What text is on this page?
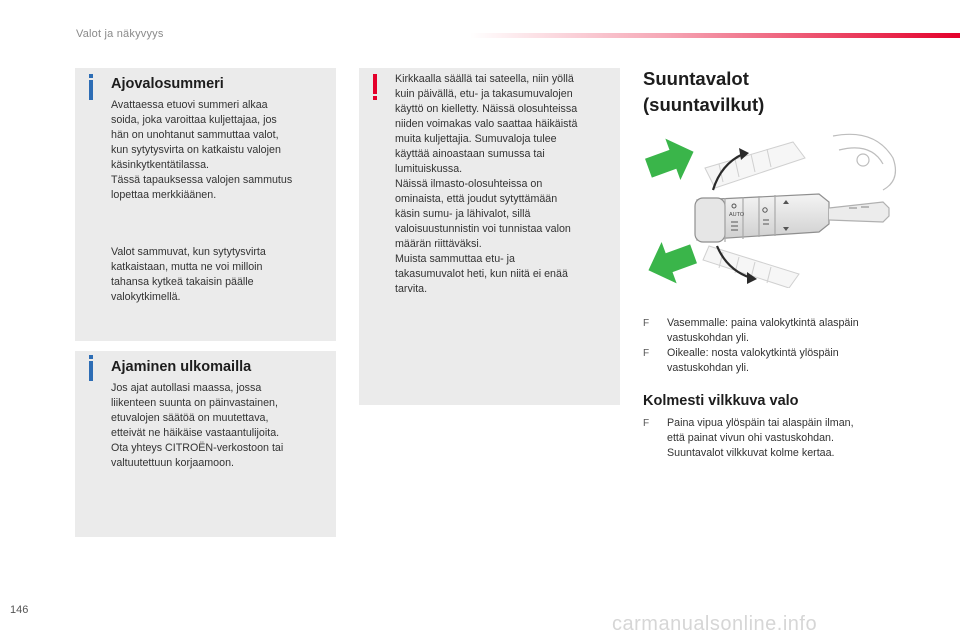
Valot ja näkyvyys
Ajovalosummeri
Avattaessa etuovi summeri alkaa
soida, joka varoittaa kuljettajaa, jos
hän on unohtanut sammuttaa valot,
kun sytytysvirta on katkaistu valojen
käsinkytkentätilassa.
Tässä tapauksessa valojen sammutus
lopettaa merkkiäänen.
Valot sammuvat, kun sytytysvirta
katkaistaan, mutta ne voi milloin
tahansa kytkeä takaisin päälle
valokytkimellä.
Ajaminen ulkomailla
Jos ajat autollasi maassa, jossa
liikenteen suunta on päinvastainen,
etuvalojen säätöä on muutettava,
etteivät ne häikäise vastaantulijoita.
Ota yhteys CITROËN-verkostoon tai
valtuutettuun korjaamoon.
Kirkkaalla säällä tai sateella, niin yöllä
kuin päivällä, etu- ja takasumuvalojen
käyttö on kielletty. Näissä olosuhteissa
niiden voimakas valo saattaa häikäistä
muita kuljettajia. Sumuvaloja tulee
käyttää ainoastaan sumussa tai
lumituiskussa.
Näissä ilmasto-olosuhteissa on
ominaista, että joudut sytyttämään
käsin sumu- ja lähivalot, sillä
valoisuustunnistin voi tunnistaa valon
määrän riittäväksi.
Muista sammuttaa etu- ja
takasumuvalot heti, kun niitä ei enää
tarvita.
Suuntavalot
(suuntavilkut)
AUTO
F Vasemmalle: paina valokytkintä alaspäin
vastuskohdan yli.
F Oikealle: nosta valokytkintä ylöspäin
vastuskohdan yli.
Kolmesti vilkkuva valo
F Paina vipua ylöspäin tai alaspäin ilman,
että painat vivun ohi vastuskohdan.
Suuntavalot vilkkuvat kolme kertaa.
146
carmanualsonline.info
